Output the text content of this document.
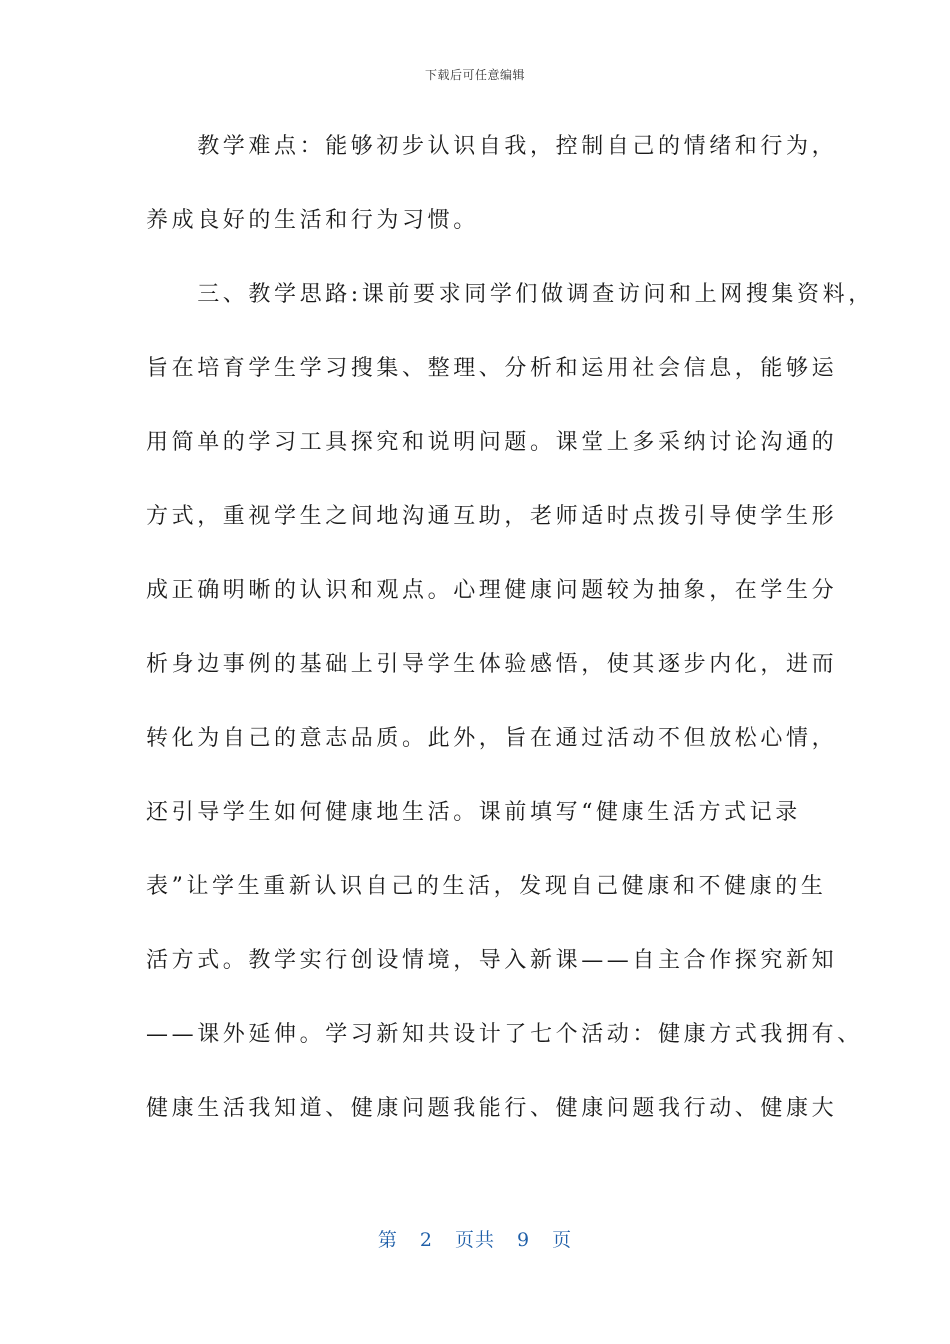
下载后可任意编辑
　　教学难点：能够初步认识自我，控制自己的情绪和行为，
养成良好的生活和行为习惯。
　　三、教学思路:课前要求同学们做调查访问和上网搜集资料，
旨在培育学生学习搜集、整理、分析和运用社会信息，能够运
用简单的学习工具探究和说明问题。课堂上多采纳讨论沟通的
方式，重视学生之间地沟通互助，老师适时点拨引导使学生形
成正确明晰的认识和观点。心理健康问题较为抽象，在学生分
析身边事例的基础上引导学生体验感悟，使其逐步内化，进而
转化为自己的意志品质。此外，旨在通过活动不但放松心情，
还引导学生如何健康地生活。课前填写“健康生活方式记录
表”让学生重新认识自己的生活，发现自己健康和不健康的生
活方式。教学实行创设情境，导入新课——自主合作探究新知
——课外延伸。学习新知共设计了七个活动：健康方式我拥有、
健康生活我知道、健康问题我能行、健康问题我行动、健康大
第 2 页共 9 页
